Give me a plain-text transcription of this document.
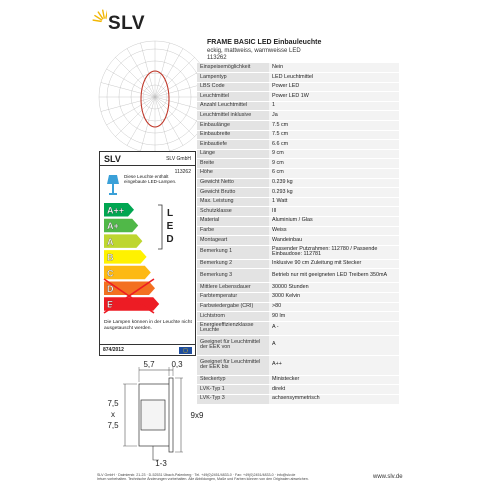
SLV
FRAME BASIC LED Einbauleuchte
eckig, mattweiss, warmweisse LED
113262
Einspeisemöglichkeit	Nein
Lampentyp	LED Leuchtmittel
LBS Code	Power LED
Leuchtmittel	Power LED 1W
Anzahl Leuchtmittel	1
Leuchtmittel inklusive	Ja
Einbaulänge	7.5 cm
Einbaubreite	7.5 cm
Einbautiefe	6.6 cm
Länge	9 cm
Breite	9 cm
Höhe	6 cm
Gewicht Netto	0.239 kg
Gewicht Brutto	0.293 kg
Max. Leistung	1 Watt
Schutzklasse	III
Material	Aluminium / Glas
Farbe	Weiss
Montageart	Wandeinbau
Bemerkung 1	Passender Putzrahmen: 112780 / Passende Einbaudose: 112781
Bemerkung 2	Inklusive 90 cm Zuleitung mit Stecker
Bemerkung 3	Betrieb nur mit geeigneten LED Treibern 350mA
Mittlere Lebensdauer	30000 Stunden
Farbtemperatur	3000 Kelvin
Farbwiedergabe (CRI)	>80
Lichtstrom	90 lm
Energieeffizienzklasse Leuchte	A -
Geeignet für Leuchtmittel der EEK von	A
Geeignet für Leuchtmittel der EEK bis	A++
Steckertyp	Ministecker
LVK-Typ 1	direkt
LVK-Typ 3	achsensymmetrisch
SLV	SLV GmbH
113262
Diese Leuchte enthält eingebaute LED-Lampen.
A++
A+
A
B
C
D
E
L E D
Die Lampen können in der Leuchte nicht ausgetauscht werden.
874/2012
5,7 0,3
7,5
x
7,5
9x9
1-3
SLV GmbH · Daimlerstr. 21-23 · D-52531 Übach-Palenberg · Tel. +49(0)2451/4833-0 · Fax: +49(0)2451/4833-0 · info@slv.de
Irrtum vorbehalten. Technische Änderungen vorbehalten. Alle Abbildungen, Maße und Farben können von den Originalen abweichen.	www.slv.de
